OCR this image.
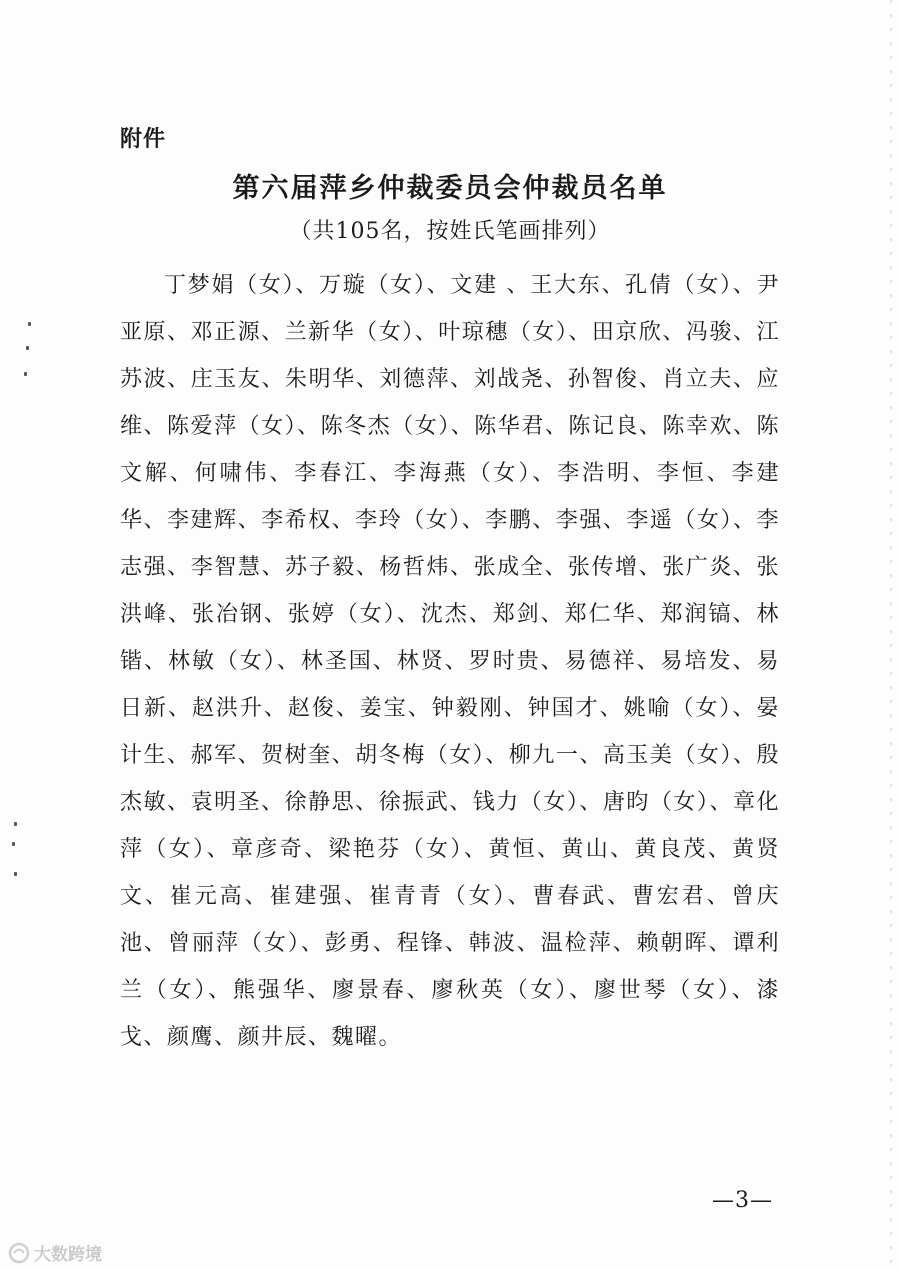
附件
第六届萍乡仲裁委员会仲裁员名单
（共105名，按姓氏笔画排列）
丁梦娟（女）、万璇（女）、文建 、王大东、孔倩（女）、尹亚原、邓正源、兰新华（女）、叶琼穗（女）、田京欣、冯骏、江苏波、庄玉友、朱明华、刘德萍、刘战尧、孙智俊、肖立夫、应维、陈爱萍（女）、陈冬杰（女）、陈华君、陈记良、陈幸欢、陈文解、何啸伟、李春江、李海燕（女）、李浩明、李恒、李建华、李建辉、李希权、李玲（女）、李鹏、李强、李遥（女）、李志强、李智慧、苏子毅、杨哲炜、张成全、张传增、张广炎、张洪峰、张冶钢、张婷（女）、沈杰、郑剑、郑仁华、郑润镐、林锴、林敏（女）、林圣国、林贤、罗时贵、易德祥、易培发、易日新、赵洪升、赵俊、姜宝、钟毅刚、钟国才、姚喻（女）、晏计生、郝军、贺树奎、胡冬梅（女）、柳九一、高玉美（女）、殷杰敏、袁明圣、徐静思、徐振武、钱力（女）、唐昀（女）、章化萍（女）、章彦奇、梁艳芬（女）、黄恒、黄山、黄良茂、黄贤文、崔元高、崔建强、崔青青（女）、曹春武、曹宏君、曾庆池、曾丽萍（女）、彭勇、程锋、韩波、温检萍、赖朝晖、谭利兰（女）、熊强华、廖景春、廖秋英（女）、廖世琴（女）、漆戈、颜鹰、颜井辰、魏曜。
—3—
大数跨境
